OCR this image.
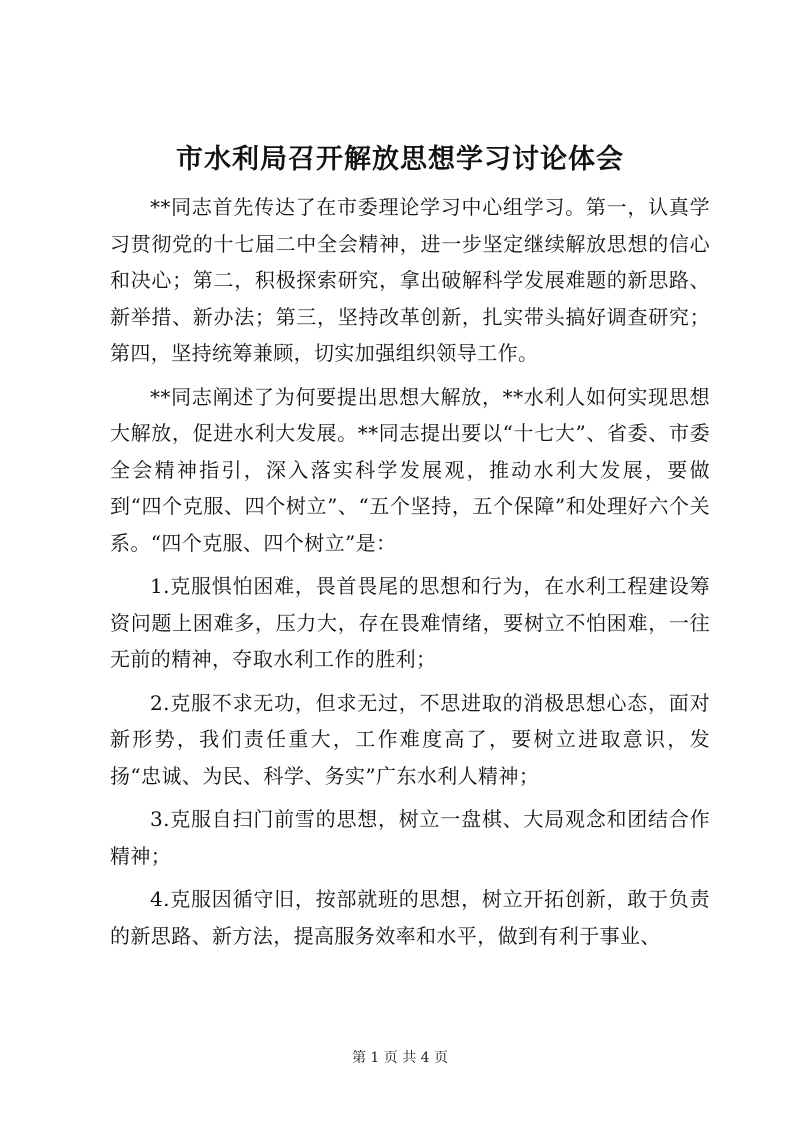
市水利局召开解放思想学习讨论体会

**同志首先传达了在市委理论学习中心组学习。第一，认真学习贯彻党的十七届二中全会精神，进一步坚定继续解放思想的信心和决心；第二，积极探索研究，拿出破解科学发展难题的新思路、新举措、新办法；第三，坚持改革创新，扎实带头搞好调查研究；第四，坚持统筹兼顾，切实加强组织领导工作。

**同志阐述了为何要提出思想大解放，**水利人如何实现思想大解放，促进水利大发展。**同志提出要以“十七大”、省委、市委全会精神指引，深入落实科学发展观，推动水利大发展，要做到“四个克服、四个树立”、“五个坚持，五个保障”和处理好六个关系。“四个克服、四个树立”是：

1.克服惧怕困难，畏首畏尾的思想和行为，在水利工程建设筹资问题上困难多，压力大，存在畏难情绪，要树立不怕困难，一往无前的精神，夺取水利工作的胜利；

2.克服不求无功，但求无过，不思进取的消极思想心态，面对新形势，我们责任重大，工作难度高了，要树立进取意识，发扬“忠诚、为民、科学、务实”广东水利人精神；

3.克服自扫门前雪的思想，树立一盘棋、大局观念和团结合作精神；

4.克服因循守旧，按部就班的思想，树立开拓创新，敢于负责的新思路、新方法，提高服务效率和水平，做到有利于事业、

第 1 页 共 4 页
